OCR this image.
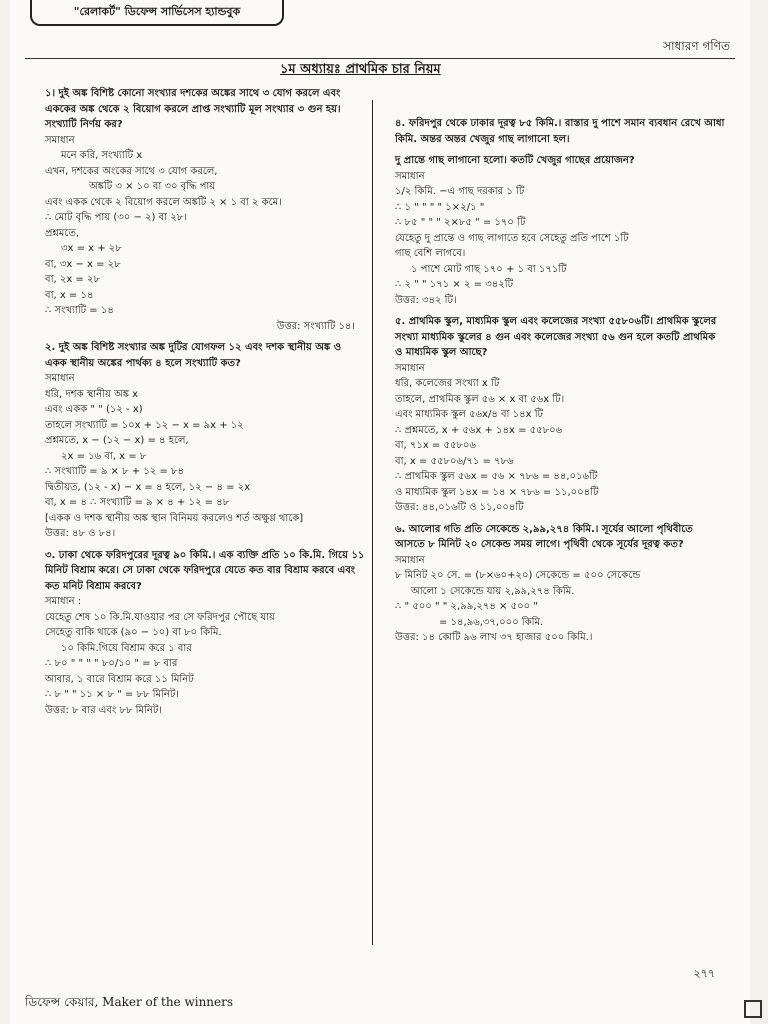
"রেলাকর্ট" ডিফেন্স সার্ভিসেস হ্যান্ডবুক
সাধারণ গণিত
১ম অধ্যায়ঃ প্রাথমিক চার নিয়ম
১। দুই অঙ্ক বিশিষ্ট কোনো সংখ্যার দশকের অঙ্কের সাথে ৩ যোগ করলে এবং এককের অঙ্ক থেকে ২ বিয়োগ করলে প্রাপ্ত সংখ্যাটি মূল সংখ্যার ৩ গুন হয়। সংখ্যাটি নির্ণয় কর?
সমাধান
মনে করি, সংখ্যাটি x
এখন, দশকের অংকের সাথে ৩ যোগ করলে,
অঙ্কটি ৩ × ১০ বা ৩০ বৃদ্ধি পায়
এবং একক থেকে ২ বিয়োগ করলে অঙ্কটি ২ × ১ বা ২ কমে।
∴ মোট বৃদ্ধি পায় (৩০ − ২) বা ২৮।
প্রশ্নমতে,
৩x = x + ২৮
বা, ৩x − x = ২৮
বা, ২x = ২৮
বা, x = ১৪
∴ সংখ্যাটি = ১৪
উত্তর: সংখ্যাটি ১৪।
২. দুই অঙ্ক বিশিষ্ট সংখ্যার অঙ্ক দুটির যোগফল ১২ এবং দশক স্থানীয় অঙ্ক ও একক স্থানীয় অঙ্কের পার্থক্য ৪ হলে সংখ্যাটি কত?
সমাধান
ধরি, দশক স্থানীয় অঙ্ক x
এবং একক " " (১২ - x)
তাহলে সংখ্যাটি = ১০x + ১২ − x = ৯x + ১২
প্রশ্নমতে, x − (১২ − x) = ৪ হলে,
২x = ১৬ বা, x = ৮
∴ সংখ্যাটি = ৯ × ৮ + ১২ = ৮৪
দ্বিতীয়ত, (১২ - x) − x = ৪ হলে, ১২ − ৪ = ২x
বা, x = ৪ ∴ সংখ্যাটি = ৯ × ৪ + ১২ = ৪৮
[একক ও দশক স্থানীয় অঙ্ক স্থান বিনিময় করলেও শর্ত অক্ষুণ্ণ থাকে]
উত্তর: ৪৮ ও ৮৪।
৩. ঢাকা থেকে ফরিদপুরের দূরত্ব ৯০ কিমি.। এক ব্যক্তি প্রতি ১০ কি.মি. গিয়ে ১১ মিনিট বিশ্রাম করে। সে ঢাকা থেকে ফরিদপুরে যেতে কত বার বিশ্রাম করবে এবং কত মনিট বিশ্রাম করবে?
সমাধান :
যেহেতু শেষ ১০ কি.মি.যাওয়ার পর সে ফরিদপুর পৌছে যায়
সেহেতু বাকি থাকে (৯০ − ১০) বা ৮০ কিমি.
১০ কিমি.গিয়ে বিশ্রাম করে ১ বার
∴ ৮০ " " " " ৮০/১০ " = ৮ বার
আবার, ১ বারে বিশ্রাম করে ১১ মিনিট
∴ ৮ " " ১১ × ৮ " = ৮৮ মিনিট।
উত্তর: ৮ বার এবং ৮৮ মিনিট।
৪. ফরিদপুর থেকে ঢাকার দূরত্ব ৮৫ কিমি.। রাস্তার দু পাশে সমান ব্যবধান রেখে আধা কিমি. অন্তর অন্তর খেজুর গাছ লাগানো হল।
দু প্রান্তে গাছ লাগানো হলো। কতটি খেজুর গাছের প্রয়োজন?
সমাধান
১/২ কিমি. −এ গাছ দরকার ১ টি
∴ ১ " " " " ১×২/১ "
∴ ৮৫ " " " ২×৮৫ " = ১৭০ টি
যেহেতু দু প্রান্তে ও গাছ লাগাতে হবে সেহেতু প্রতি পাশে ১টি
গাছ বেশি লাগবে।
১ পাশে মোট গাছ ১৭০ + ১ বা ১৭১টি
∴ ২ " " ১৭১ × ২ = ৩৪২টি
উত্তর: ৩৪২ টি।
৫. প্রাথমিক স্কুল, মাধ্যমিক স্কুল এবং কলেজের সংখ্যা ৫৫৮০৬টি। প্রাথমিক স্কুলের সংখ্যা মাধ্যমিক স্কুলের ৪ গুন এবং কলেজের সংখ্যা ৫৬ গুন হলে কতটি প্রাথমিক ও মাধ্যমিক স্কুল আছে?
সমাধান
ধরি, কলেজের সংখ্যা x টি
তাহলে, প্রাথমিক স্কুল ৫৬ × x বা ৫৬x টি।
এবং মাধ্যমিক স্কুল ৫৬x/৪ বা ১৪x টি
∴ প্রশ্নমতে, x + ৫৬x + ১৪x = ৫৫৮০৬
বা, ৭১x = ৫৫৮০৬
বা, x = ৫৫৮০৬/৭১ = ৭৮৬
∴ প্রাথমিক স্কুল ৫৬x = ৫৬ × ৭৮৬ = ৪৪,০১৬টি
ও মাধ্যমিক স্কুল ১৪x = ১৪ × ৭৮৬ = ১১,০০৪টি
উত্তর: ৪৪,০১৬টি ও ১১,০০৪টি
৬. আলোর গতি প্রতি সেকেন্ডে ২,৯৯,২৭৪ কিমি.। সূর্যের আলো পৃথিবীতে আসতে ৮ মিনিট ২০ সেকেন্ড সময় লাগে। পৃথিবী থেকে সূর্যের দূরত্ব কত?
সমাধান
৮ মিনিট ২০ সে. = (৮×৬০+২০) সেকেন্ডে = ৫০০ সেকেন্ডে
আলো ১ সেকেন্ডে যায় ২,৯৯,২৭৪ কিমি.
∴ " ৫০০ " " ২,৯৯,২৭৪ × ৫০০ "
= ১৪,৯৬,৩৭,০০০ কিমি.
উত্তর: ১৪ কোটি ৯৬ লাখ ৩৭ হাজার ৫০০ কিমি.।
২৭৭
ডিফেন্স কেয়ার, Maker of the winners
